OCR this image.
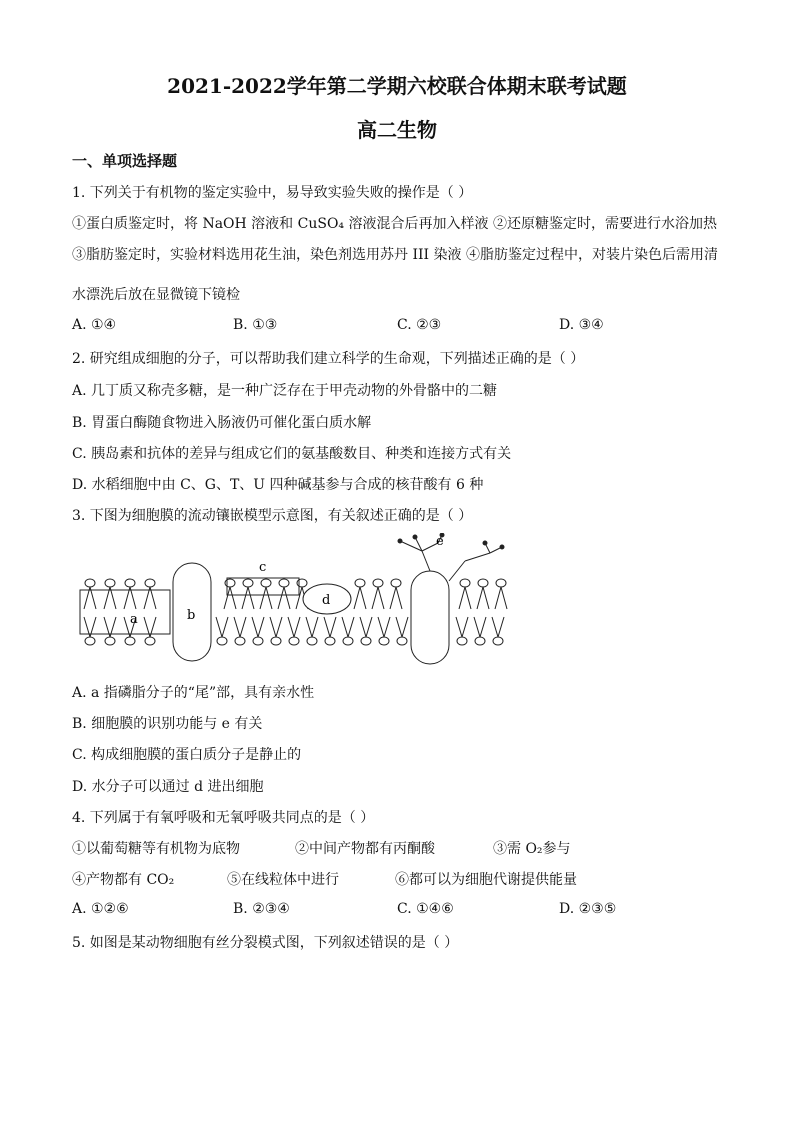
2021-2022学年第二学期六校联合体期末联考试题
高二生物
一、单项选择题
1. 下列关于有机物的鉴定实验中，易导致实验失败的操作是（ ）
①蛋白质鉴定时，将 NaOH 溶液和 CuSO₄ 溶液混合后再加入样液 ②还原糖鉴定时，需要进行水浴加热
③脂肪鉴定时，实验材料选用花生油，染色剂选用苏丹 III 染液 ④脂肪鉴定过程中，对装片染色后需用清
水漂洗后放在显微镜下镜检
A. ①④	B. ①③	C. ②③	D. ③④
2. 研究组成细胞的分子，可以帮助我们建立科学的生命观，下列描述正确的是（ ）
A. 几丁质又称壳多糖，是一种广泛存在于甲壳动物的外骨骼中的二糖
B. 胃蛋白酶随食物进入肠液仍可催化蛋白质水解
C. 胰岛素和抗体的差异与组成它们的氨基酸数目、种类和连接方式有关
D. 水稻细胞中由 C、G、T、U 四种碱基参与合成的核苷酸有 6 种
3. 下图为细胞膜的流动镶嵌模型示意图，有关叙述正确的是（ ）
a	b
c
d
e
A. a 指磷脂分子的“尾”部，具有亲水性
B. 细胞膜的识别功能与 e 有关
C. 构成细胞膜的蛋白质分子是静止的
D. 水分子可以通过 d 进出细胞
4. 下列属于有氧呼吸和无氧呼吸共同点的是（ ）
①以葡萄糖等有机物为底物	②中间产物都有丙酮酸	③需 O₂参与
④产物都有 CO₂	⑤在线粒体中进行	⑥都可以为细胞代谢提供能量
A. ①②⑥	B. ②③④	C. ①④⑥	D. ②③⑤
5. 如图是某动物细胞有丝分裂模式图，下列叙述错误的是（ ）
